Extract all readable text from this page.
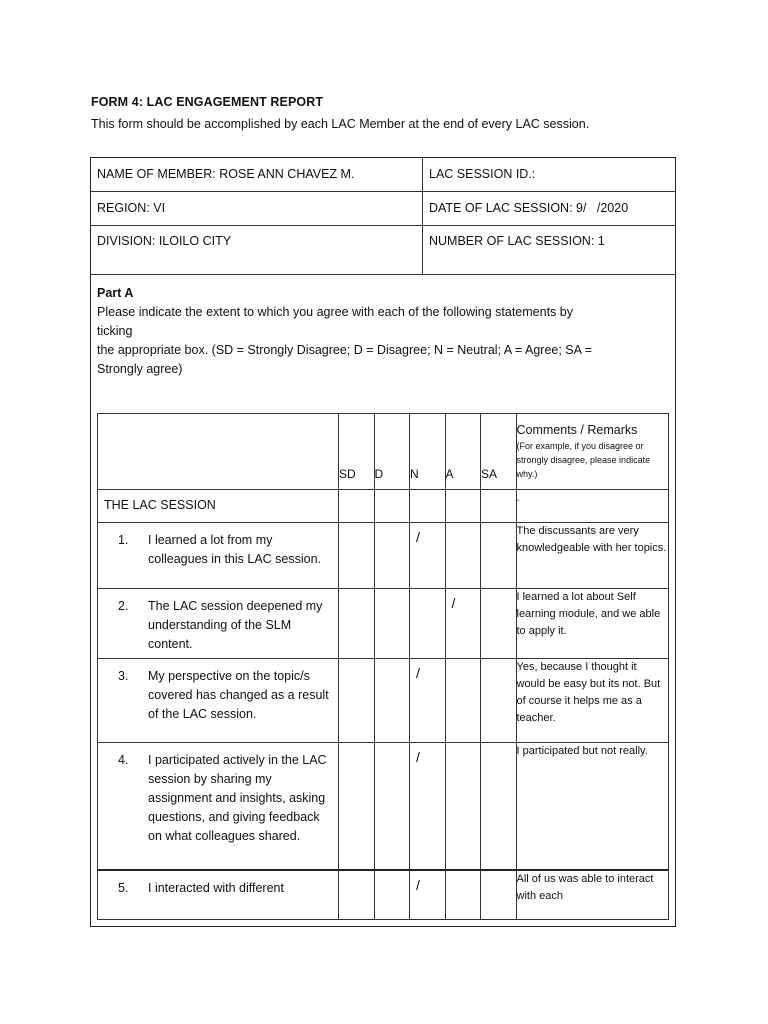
FORM 4: LAC ENGAGEMENT REPORT
This form should be accomplished by each LAC Member at the end of every LAC session.
NAME OF MEMBER: ROSE ANN CHAVEZ M.	LAC SESSION ID.:
REGION: VI	DATE OF LAC SESSION: 9/   /2020
DIVISION: ILOILO CITY	NUMBER OF LAC SESSION: 1
Part A
Please indicate the extent to which you agree with each of the following statements by
ticking
the appropriate box. (SD = Strongly Disagree; D = Disagree; N = Neutral; A = Agree; SA =
Strongly agree)
	SD	D	N	A	SA	Comments / Remarks
(For example, if you disagree or strongly disagree, please indicate why.)

THE LAC SESSION						.

1. I learned a lot from my colleagues in this LAC session.			/			The discussants are very knowledgeable with her topics.

2. The LAC session deepened my understanding of the SLM content.				/		I learned a lot about Self learning module, and we able to apply it.

3. My perspective on the topic/s covered has changed as a result of the LAC session.			/			Yes, because I thought it would be easy but its not. But of course it helps me as a teacher.

4. I participated actively in the LAC session by sharing my assignment and insights, asking questions, and giving feedback on what colleagues shared.			/			I participated but not really.

5. I interacted with different			/			All of us was able to interact with each
